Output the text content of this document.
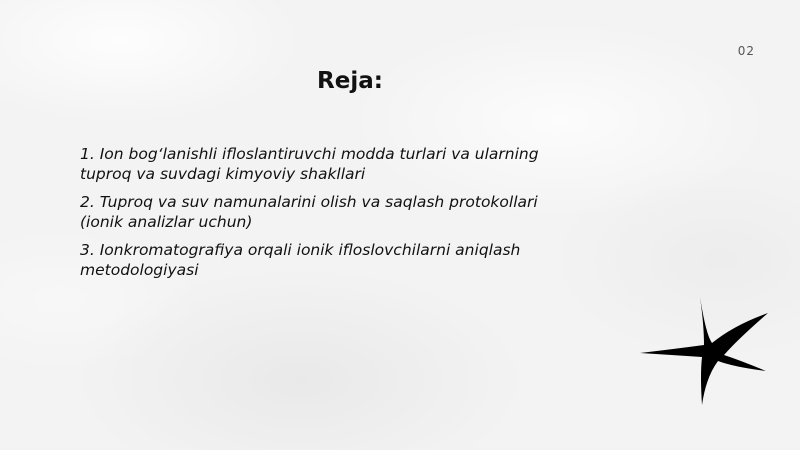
02
Reja:
1. Ion bog‘lanishli ifloslantiruvchi modda turlari va ularning tuproq va suvdagi kimyoviy shakllari
2. Tuproq va suv namunalarini olish va saqlash protokollari (ionik analizlar uchun)
3. Ionkromatografiya orqali ionik ifloslovchilarni aniqlash metodologiyasi
